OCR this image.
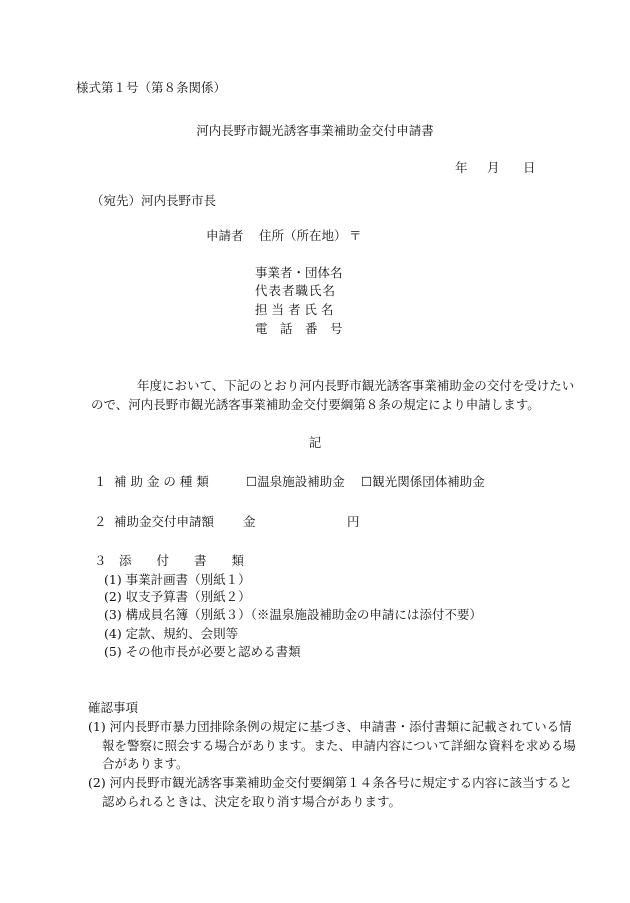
様式第１号（第８条関係）
河内長野市観光誘客事業補助金交付申請書
年 月 日
（宛先）河内長野市長
申請者 住所（所在地） 〒
事業者・団体名
代表者職氏名
担 当 者 氏 名
電　話　番　号
年度において、下記のとおり河内長野市観光誘客事業補助金の交付を受けたい
ので、河内長野市観光誘客事業補助金交付要綱第８条の規定により申請します。
記
１ 補 助 金 の 種 類	☐温泉施設補助金 ☐観光関係団体補助金
２ 補助金交付申請額 金	円
３　添　　付　　書　　類
(1) 事業計画書（別紙１）
(2) 収支予算書（別紙２）
(3) 構成員名簿（別紙３）（※温泉施設補助金の申請には添付不要）
(4) 定款、規約、会則等
(5) その他市長が必要と認める書類
確認事項
(1) 河内長野市暴力団排除条例の規定に基づき、申請書・添付書類に記載されている情
報を警察に照会する場合があります。また、申請内容について詳細な資料を求める場
合があります。
(2) 河内長野市観光誘客事業補助金交付要綱第１４条各号に規定する内容に該当すると
認められるときは、決定を取り消す場合があります。
